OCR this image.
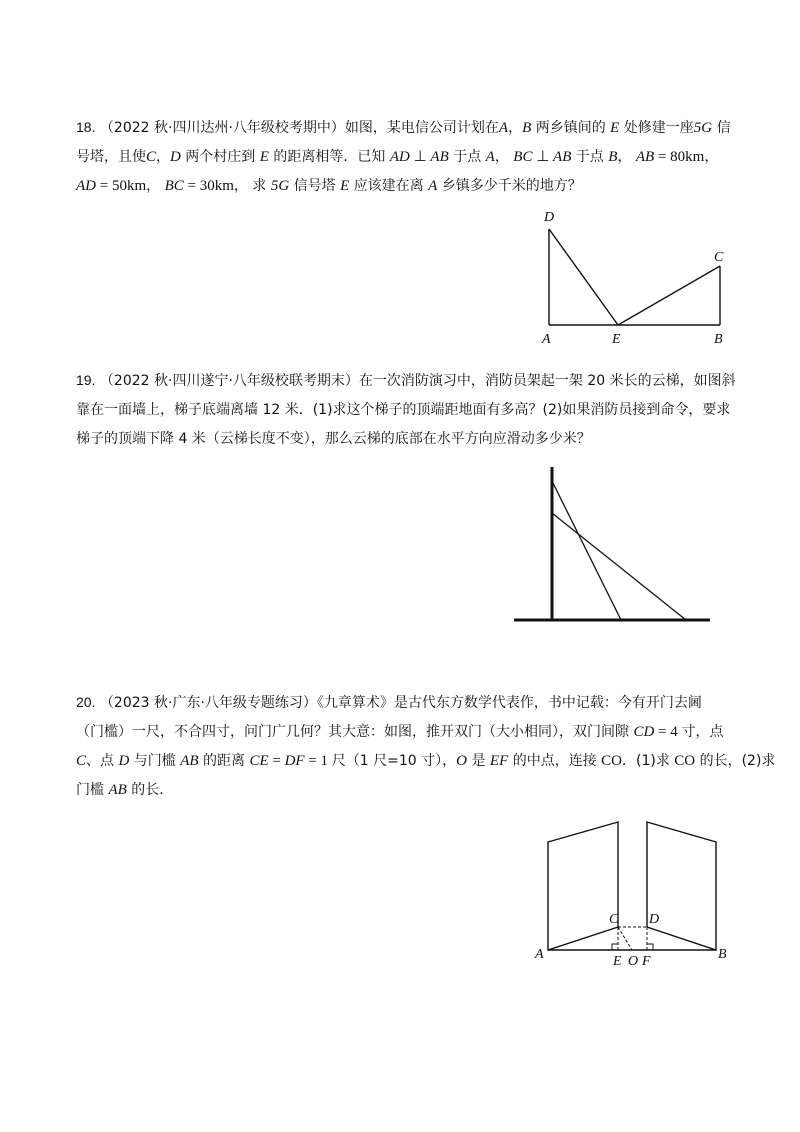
18. （2022 秋·四川达州·八年级校考期中）如图，某电信公司计划在A，B 两乡镇间的 E 处修建一座5G 信
号塔，且使C，D 两个村庄到 E 的距离相等．已知 AD ⊥ AB 于点 A， BC ⊥ AB 于点 B， AB = 80km，
AD = 50km， BC = 30km， 求 5G 信号塔 E 应该建在离 A 乡镇多少千米的地方？
D
C
A	E	B
19. （2022 秋·四川遂宁·八年级校联考期末）在一次消防演习中，消防员架起一架 20 米长的云梯，如图斜
靠在一面墙上，梯子底端离墙 12 米．(1)求这个梯子的顶端距地面有多高？(2)如果消防员接到命令，要求
梯子的顶端下降 4 米（云梯长度不变），那么云梯的底部在水平方向应滑动多少米？
20. （2023 秋·广东·八年级专题练习）《九章算术》是古代东方数学代表作，书中记载：今有开门去阃
（门槛）一尺，不合四寸，问门广几何？其大意：如图，推开双门（大小相同），双门间隙 CD = 4 寸，点
C、点 D 与门槛 AB 的距离 CE = DF = 1 尺（1 尺=10 寸），O 是 EF 的中点，连接 CO．(1)求 CO 的长，(2)求
门槛 AB 的长.
C D
A	B
E O F
